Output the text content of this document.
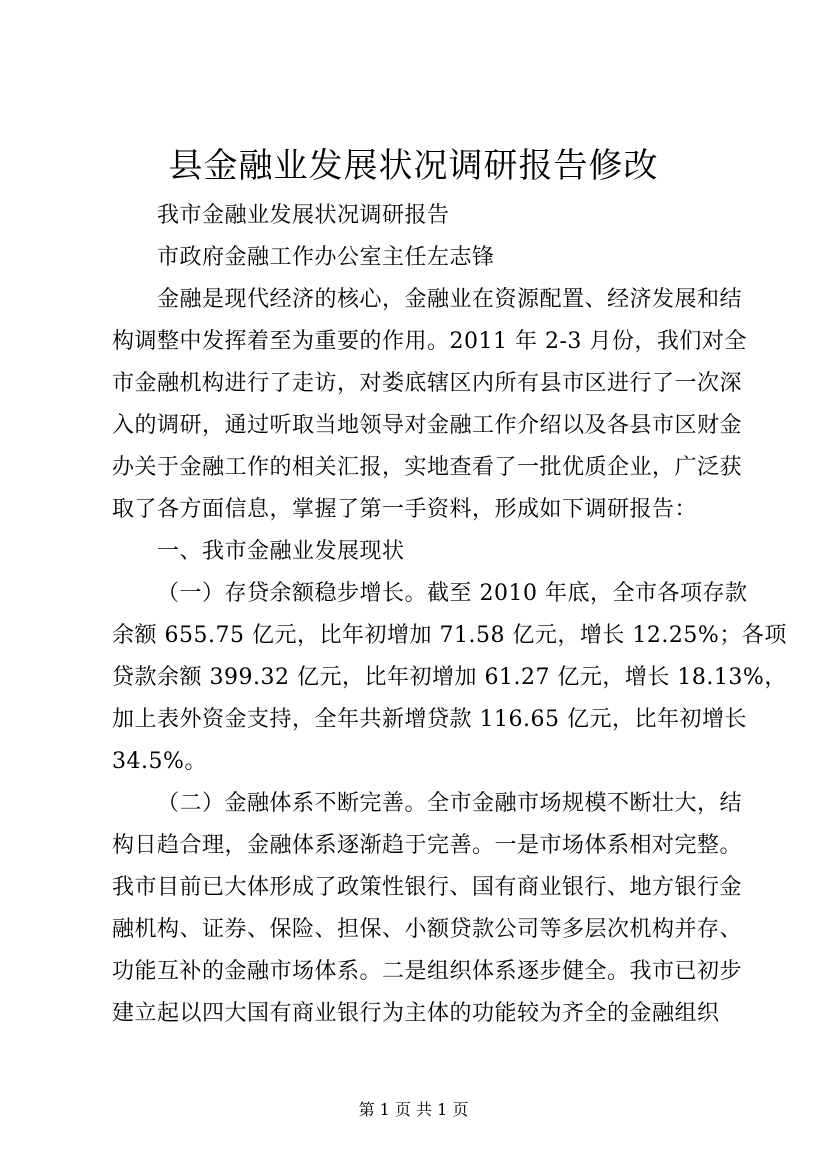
县金融业发展状况调研报告修改
我市金融业发展状况调研报告
市政府金融工作办公室主任左志锋
金融是现代经济的核心，金融业在资源配置、经济发展和结
构调整中发挥着至为重要的作用。2011 年 2-3 月份，我们对全
市金融机构进行了走访，对娄底辖区内所有县市区进行了一次深
入的调研，通过听取当地领导对金融工作介绍以及各县市区财金
办关于金融工作的相关汇报，实地查看了一批优质企业，广泛获
取了各方面信息，掌握了第一手资料，形成如下调研报告：
一、我市金融业发展现状
（一）存贷余额稳步增长。截至 2010 年底，全市各项存款
余额 655.75 亿元，比年初增加 71.58 亿元，增长 12.25%；各项
贷款余额 399.32 亿元，比年初增加 61.27 亿元，增长 18.13%，
加上表外资金支持，全年共新增贷款 116.65 亿元，比年初增长
34.5%。
（二）金融体系不断完善。全市金融市场规模不断壮大，结
构日趋合理，金融体系逐渐趋于完善。一是市场体系相对完整。
我市目前已大体形成了政策性银行、国有商业银行、地方银行金
融机构、证券、保险、担保、小额贷款公司等多层次机构并存、
功能互补的金融市场体系。二是组织体系逐步健全。我市已初步
建立起以四大国有商业银行为主体的功能较为齐全的金融组织
第 1 页 共 1 页
